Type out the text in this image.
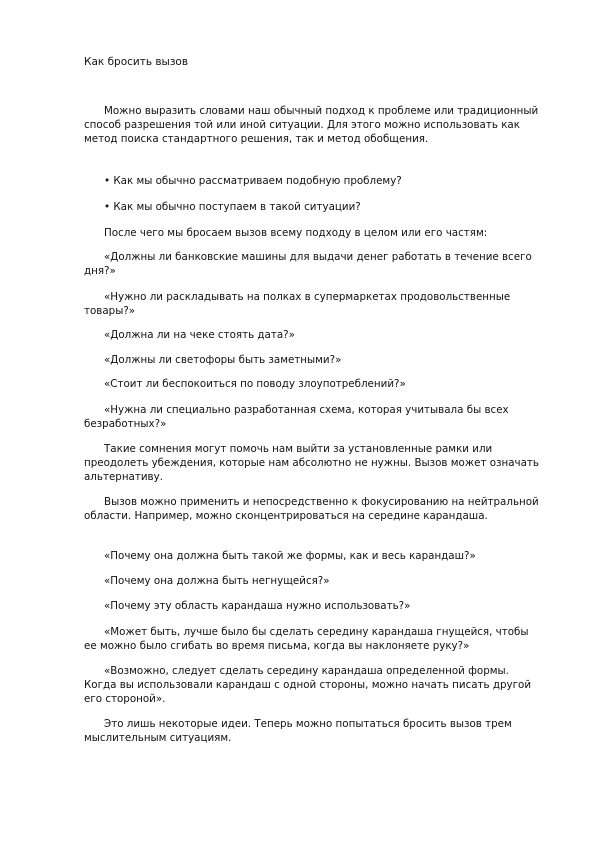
Как бросить вызов
Можно выразить словами наш обычный подход к проблеме или традиционный способ разрешения той или иной ситуации. Для этого можно использовать как метод поиска стандартного решения, так и метод обобщения.
• Как мы обычно рассматриваем подобную проблему?
• Как мы обычно поступаем в такой ситуации?
После чего мы бросаем вызов всему подходу в целом или его частям:
«Должны ли банковские машины для выдачи денег работать в течение всего дня?»
«Нужно ли раскладывать на полках в супермаркетах продовольственные товары?»
«Должна ли на чеке стоять дата?»
«Должны ли светофоры быть заметными?»
«Стоит ли беспокоиться по поводу злоупотреблений?»
«Нужна ли специально разработанная схема, которая учитывала бы всех безработных?»
Такие сомнения могут помочь нам выйти за установленные рамки или преодолеть убеждения, которые нам абсолютно не нужны. Вызов может означать альтернативу.
Вызов можно применить и непосредственно к фокусированию на нейтральной области. Например, можно сконцентрироваться на середине карандаша.
«Почему она должна быть такой же формы, как и весь карандаш?»
«Почему она должна быть негнущейся?»
«Почему эту область карандаша нужно использовать?»
«Может быть, лучше было бы сделать середину карандаша гнущейся, чтобы ее можно было сгибать во время письма, когда вы наклоняете руку?»
«Возможно, следует сделать середину карандаша определенной формы. Когда вы использовали карандаш с одной стороны, можно начать писать другой его стороной».
Это лишь некоторые идеи. Теперь можно попытаться бросить вызов трем мыслительным ситуациям.
